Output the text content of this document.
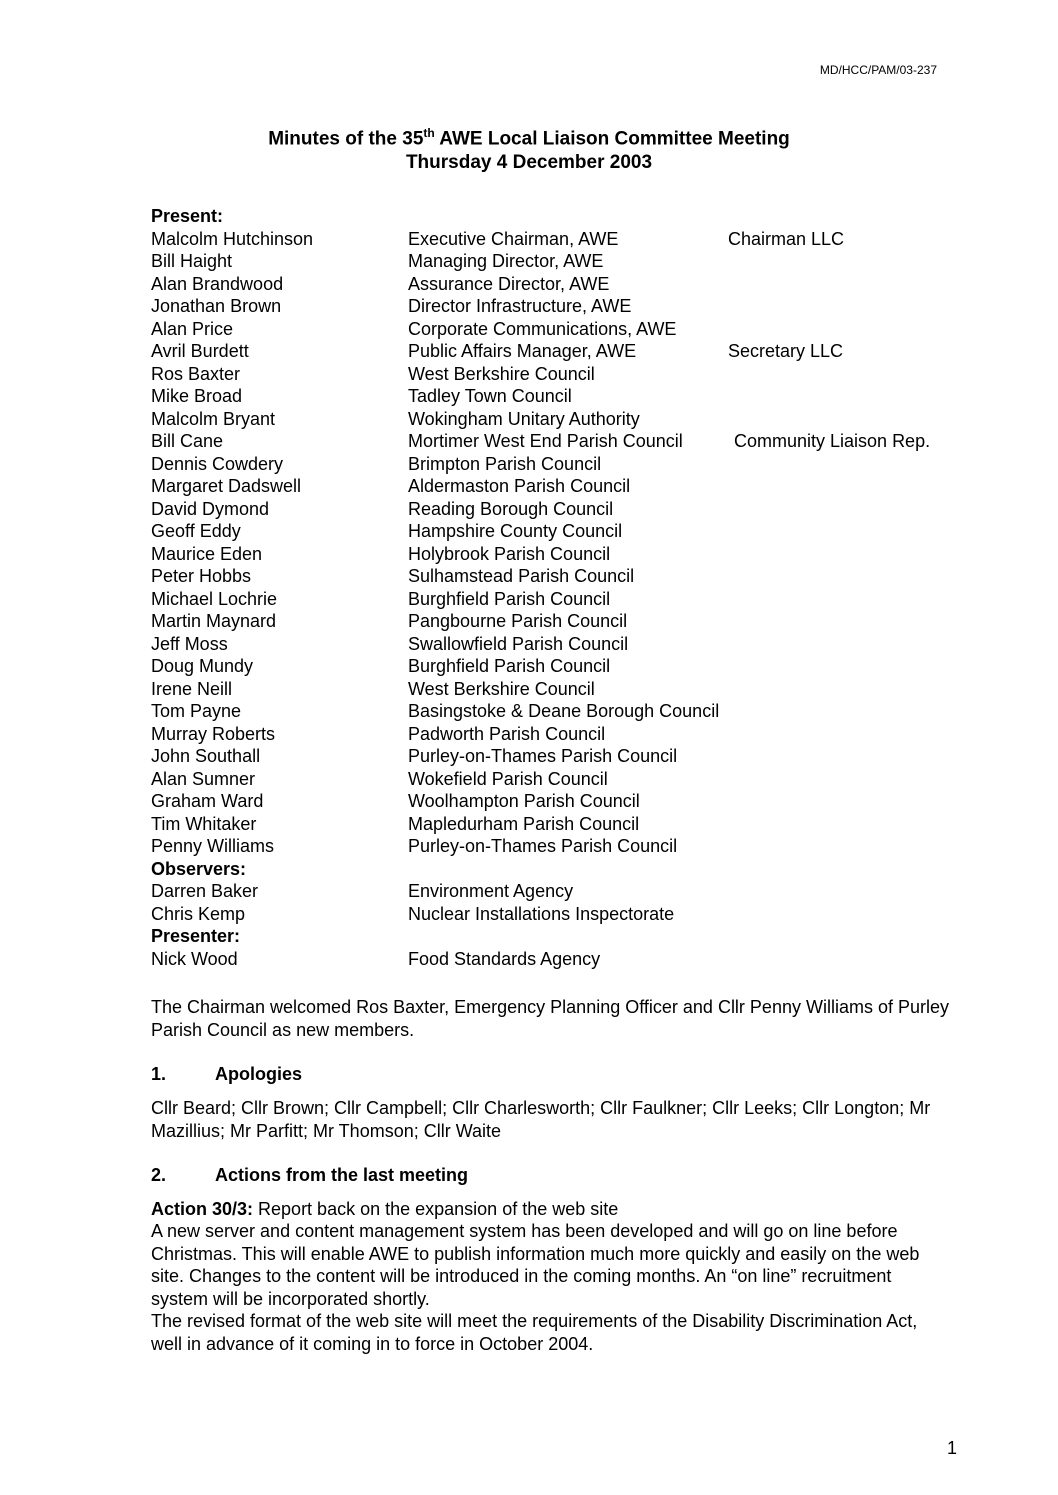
MD/HCC/PAM/03-237
Minutes of the 35th AWE Local Liaison Committee Meeting
Thursday 4 December 2003
Present:
Malcolm Hutchinson	Executive Chairman, AWE	Chairman LLC
Bill Haight	Managing Director, AWE
Alan Brandwood	Assurance Director, AWE
Jonathan Brown	Director Infrastructure, AWE
Alan Price	Corporate Communications, AWE
Avril Burdett	Public Affairs Manager, AWE	Secretary LLC
Ros Baxter	West Berkshire Council
Mike Broad	Tadley Town Council
Malcolm Bryant	Wokingham Unitary Authority
Bill Cane	Mortimer West End Parish Council	Community Liaison Rep.
Dennis Cowdery	Brimpton Parish Council
Margaret Dadswell	Aldermaston Parish Council
David Dymond	Reading Borough Council
Geoff Eddy	Hampshire County Council
Maurice Eden	Holybrook Parish Council
Peter Hobbs	Sulhamstead Parish Council
Michael Lochrie	Burghfield Parish Council
Martin Maynard	Pangbourne Parish Council
Jeff Moss	Swallowfield Parish Council
Doug Mundy	Burghfield Parish Council
Irene Neill	West Berkshire Council
Tom Payne	Basingstoke & Deane Borough Council
Murray Roberts	Padworth Parish Council
John Southall	Purley-on-Thames Parish Council
Alan Sumner	Wokefield Parish Council
Graham Ward	Woolhampton Parish Council
Tim Whitaker	Mapledurham Parish Council
Penny Williams	Purley-on-Thames Parish Council
Observers:
Darren Baker	Environment Agency
Chris Kemp	Nuclear Installations Inspectorate
Presenter:
Nick Wood	Food Standards Agency
The Chairman welcomed Ros Baxter, Emergency Planning Officer and Cllr Penny Williams of Purley Parish Council as new members.
1.	Apologies
Cllr Beard; Cllr Brown; Cllr Campbell; Cllr Charlesworth; Cllr Faulkner; Cllr Leeks; Cllr Longton; Mr Mazillius; Mr Parfitt; Mr Thomson; Cllr Waite
2.	Actions from the last meeting
Action 30/3: Report back on the expansion of the web site
A new server and content management system has been developed and will go on line before Christmas. This will enable AWE to publish information much more quickly and easily on the web site. Changes to the content will be introduced in the coming months. An “on line” recruitment system will be incorporated shortly.
The revised format of the web site will meet the requirements of the Disability Discrimination Act, well in advance of it coming in to force in October 2004.
1
